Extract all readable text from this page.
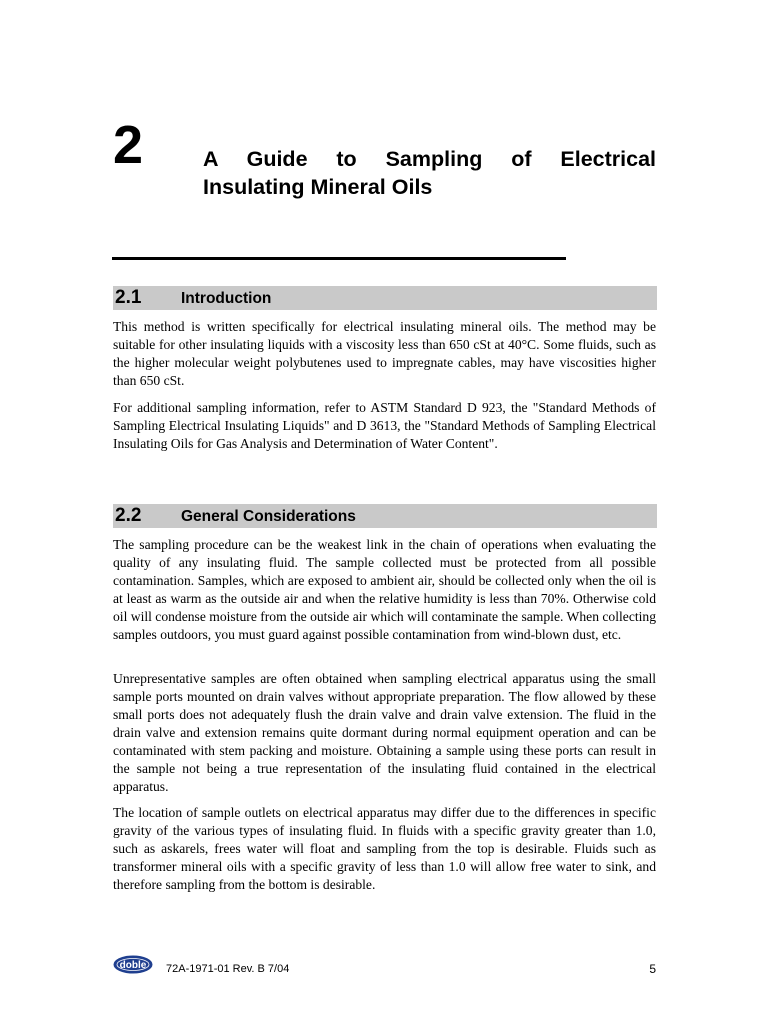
2	A Guide to Sampling of Electrical
Insulating Mineral Oils
2.1	Introduction

This method is written specifically for electrical insulating mineral oils. The method may be suitable for other insulating liquids with a viscosity less than 650 cSt at 40°C. Some fluids, such as the higher molecular weight polybutenes used to impregnate cables, may have viscosities higher than 650 cSt.

For additional sampling information, refer to ASTM Standard D 923, the "Standard Methods of Sampling Electrical Insulating Liquids" and D 3613, the "Standard Methods of Sampling Electrical Insulating Oils for Gas Analysis and Determination of Water Content".

2.2	General Considerations

The sampling procedure can be the weakest link in the chain of operations when evaluating the quality of any insulating fluid. The sample collected must be protected from all possible contamination. Samples, which are exposed to ambient air, should be collected only when the oil is at least as warm as the outside air and when the relative humidity is less than 70%. Otherwise cold oil will condense moisture from the outside air which will contaminate the sample. When collecting samples outdoors, you must guard against possible contamination from wind-blown dust, etc.

Unrepresentative samples are often obtained when sampling electrical apparatus using the small sample ports mounted on drain valves without appropriate preparation. The flow allowed by these small ports does not adequately flush the drain valve and drain valve extension. The fluid in the drain valve and extension remains quite dormant during normal equipment operation and can be contaminated with stem packing and moisture. Obtaining a sample using these ports can result in the sample not being a true representation of the insulating fluid contained in the electrical apparatus.

The location of sample outlets on electrical apparatus may differ due to the differences in specific gravity of the various types of insulating fluid. In fluids with a specific gravity greater than 1.0, such as askarels, frees water will float and sampling from the top is desirable. Fluids such as transformer mineral oils with a specific gravity of less than 1.0 will allow free water to sink, and therefore sampling from the bottom is desirable.

doble 72A-1971-01 Rev. B 7/04	5
